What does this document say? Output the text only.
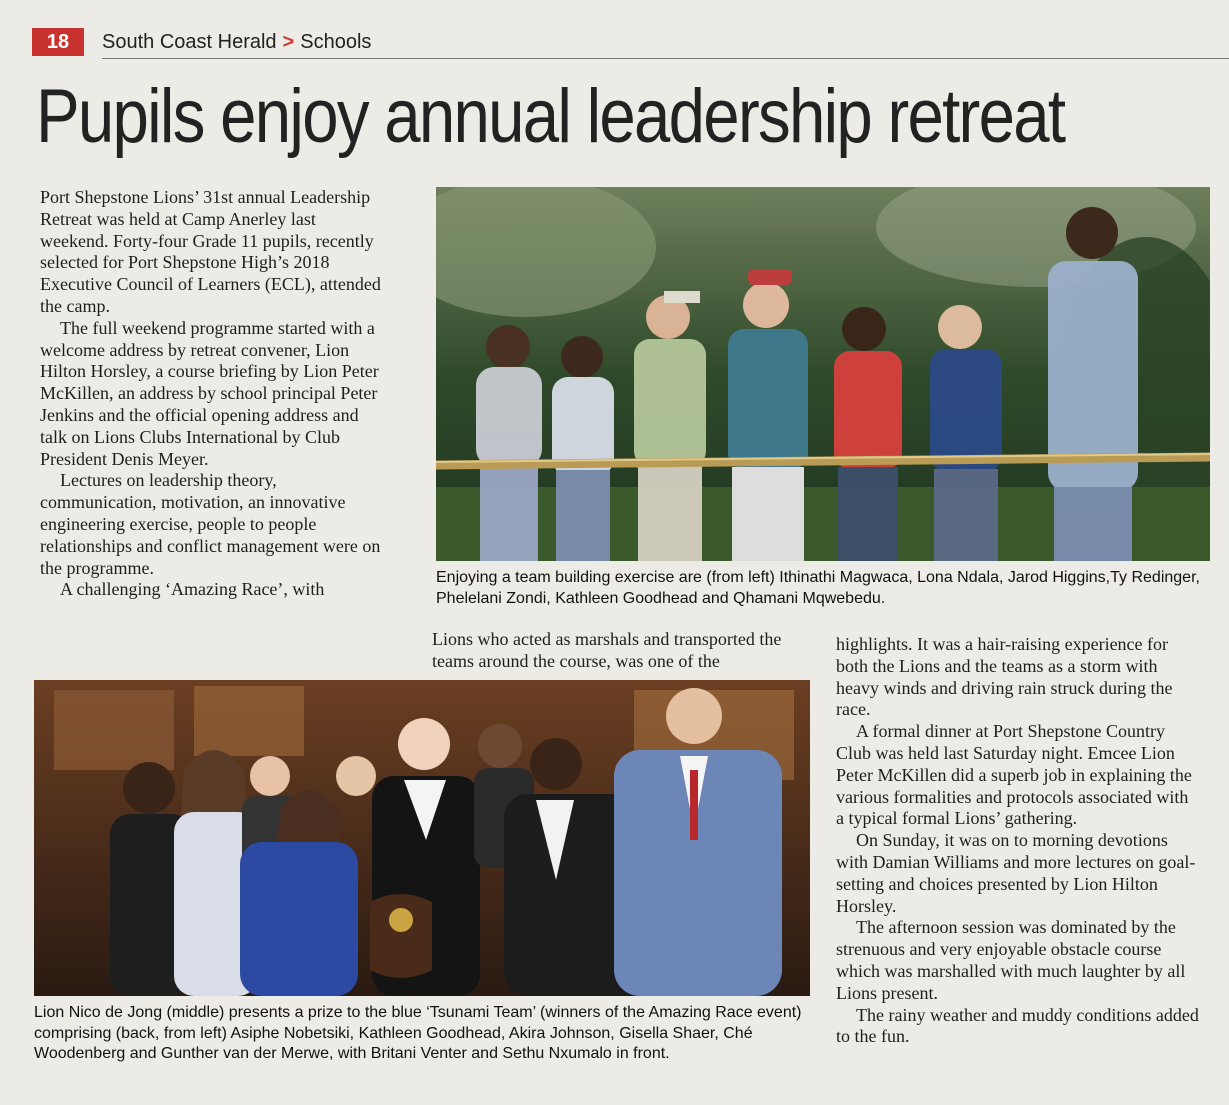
18	South Coast Herald > Schools
Pupils enjoy annual leadership retreat

Port Shepstone Lions’ 31st annual Leadership Retreat was held at Camp Anerley last weekend. Forty-four Grade 11 pupils, recently selected for Port Shepstone High’s 2018 Executive Council of Learners (ECL), attended the camp.

The full weekend programme started with a welcome address by retreat convener, Lion Hilton Horsley, a course briefing by Lion Peter McKillen, an address by school principal Peter Jenkins and the official opening address and talk on Lions Clubs International by Club President Denis Meyer.

Lectures on leadership theory, communication, motivation, an innovative engineering exercise, people to people relationships and conflict management were on the programme.

A challenging ‘Amazing Race’, with

Enjoying a team building exercise are (from left) Ithinathi Magwaca, Lona Ndala, Jarod Higgins,Ty Redinger, Phelelani Zondi, Kathleen Goodhead and Qhamani Mqwebedu.
Lions who acted as marshals and transported the teams around the course, was one of the

highlights. It was a hair-raising experience for both the Lions and the teams as a storm with heavy winds and driving rain struck during the race.

A formal dinner at Port Shepstone Country Club was held last Saturday night. Emcee Lion Peter McKillen did a superb job in explaining the various formalities and protocols associated with a typical formal Lions’ gathering.

On Sunday, it was on to morning devotions with Damian Williams and more lectures on goal-setting and choices presented by Lion Hilton Horsley.

The afternoon session was dominated by the strenuous and very enjoyable obstacle course which was marshalled with much laughter by all Lions present.

The rainy weather and muddy conditions added to the fun.

Lion Nico de Jong (middle) presents a prize to the blue ‘Tsunami Team’ (winners of the Amazing Race event) comprising (back, from left) Asiphe Nobetsiki, Kathleen Goodhead, Akira Johnson, Gisella Shaer, Ché Woodenberg and Gunther van der Merwe, with Britani Venter and Sethu Nxumalo in front.
